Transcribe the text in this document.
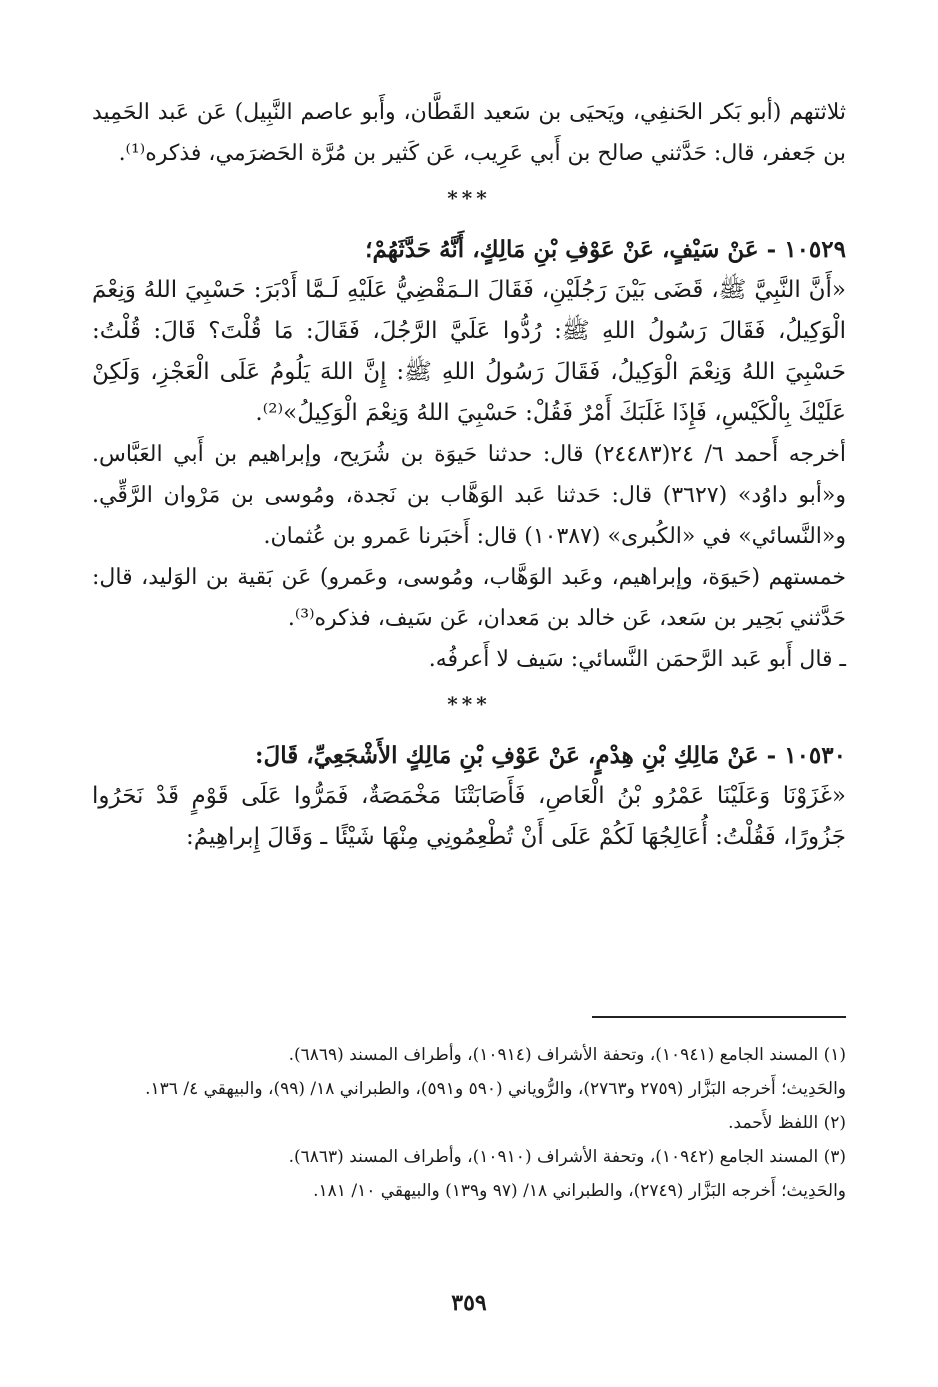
ثلاثتهم (أبو بَكر الحَنفِي، ويَحيَى بن سَعيد القَطَّان، وأَبو عاصم النَّبِيل) عَن عَبد الحَمِيد بن جَعفر، قال: حَدَّثني صالح بن أَبي عَرِيب، عَن كَثير بن مُرَّة الحَضرَمي، فذكره⁽¹⁾.

***

١٠٥٢٩ - عَنْ سَيْفٍ، عَنْ عَوْفِ بْنِ مَالِكٍ، أَنَّهُ حَدَّثَهُمْ؛

«أَنَّ النَّبِيَّ ﷺ، قَضَى بَيْنَ رَجُلَيْنِ، فَقَالَ الـمَقْضِيُّ عَلَيْهِ لَـمَّا أَدْبَرَ: حَسْبِيَ اللهُ وَنِعْمَ الْوَكِيلُ، فَقَالَ رَسُولُ اللهِ ﷺ: رُدُّوا عَلَيَّ الرَّجُلَ، فَقَالَ: مَا قُلْتَ؟ قَالَ: قُلْتُ: حَسْبِيَ اللهُ وَنِعْمَ الْوَكِيلُ، فَقَالَ رَسُولُ اللهِ ﷺ: إِنَّ اللهَ يَلُومُ عَلَى الْعَجْزِ، وَلَكِنْ عَلَيْكَ بِالْكَيْسِ، فَإِذَا غَلَبَكَ أَمْرٌ فَقُلْ: حَسْبِيَ اللهُ وَنِعْمَ الْوَكِيلُ»⁽²⁾.

أخرجه أَحمد ٦/ ٢٤(٢٤٤٨٣) قال: حدثنا حَيوَة بن شُرَيح، وإبراهيم بن أَبي العَبَّاس. و«أبو داوُد» (٣٦٢٧) قال: حَدثنا عَبد الوَهَّاب بن نَجدة، ومُوسى بن مَرْوان الرَّقِّي. و«النَّسائي» في «الكُبرى» (١٠٣٨٧) قال: أَخبَرنا عَمرو بن عُثمان.

خمستهم (حَيوَة، وإبراهيم، وعَبد الوَهَّاب، ومُوسى، وعَمرو) عَن بَقية بن الوَليد، قال: حَدَّثني بَحِير بن سَعد، عَن خالد بن مَعدان، عَن سَيف، فذكره⁽³⁾.

ـ قال أَبو عَبد الرَّحمَن النَّسائي: سَيف لا أَعرفُه.

***

١٠٥٣٠ - عَنْ مَالِكِ بْنِ هِدْمٍ، عَنْ عَوْفِ بْنِ مَالِكٍ الأَشْجَعِيِّ، قَالَ:

«غَزَوْنَا وَعَلَيْنَا عَمْرُو بْنُ الْعَاصِ، فَأَصَابَتْنَا مَخْمَصَةٌ، فَمَرُّوا عَلَى قَوْمٍ قَدْ نَحَرُوا جَزُورًا، فَقُلْتُ: أُعَالِجُهَا لَكُمْ عَلَى أَنْ تُطْعِمُونِي مِنْهَا شَيْئًا ـ وَقَالَ إِبراهِيمُ:

(١) المسند الجامع (١٠٩٤١)، وتحفة الأشراف (١٠٩١٤)، وأطراف المسند (٦٨٦٩).

والحَدِيث؛ أَخرجه البَزَّار (٢٧٥٩ و٢٧٦٣)، والرُّوياني (٥٩٠ و٥٩١)، والطبراني ١٨/ (٩٩)، والبيهقي ٤/ ١٣٦.

(٢) اللفظ لأَحمد.

(٣) المسند الجامع (١٠٩٤٢)، وتحفة الأشراف (١٠٩١٠)، وأطراف المسند (٦٨٦٣).

والحَدِيث؛ أَخرجه البَزَّار (٢٧٤٩)، والطبراني ١٨/ (٩٧ و١٣٩) والبيهقي ١٠/ ١٨١.

٣٥٩
